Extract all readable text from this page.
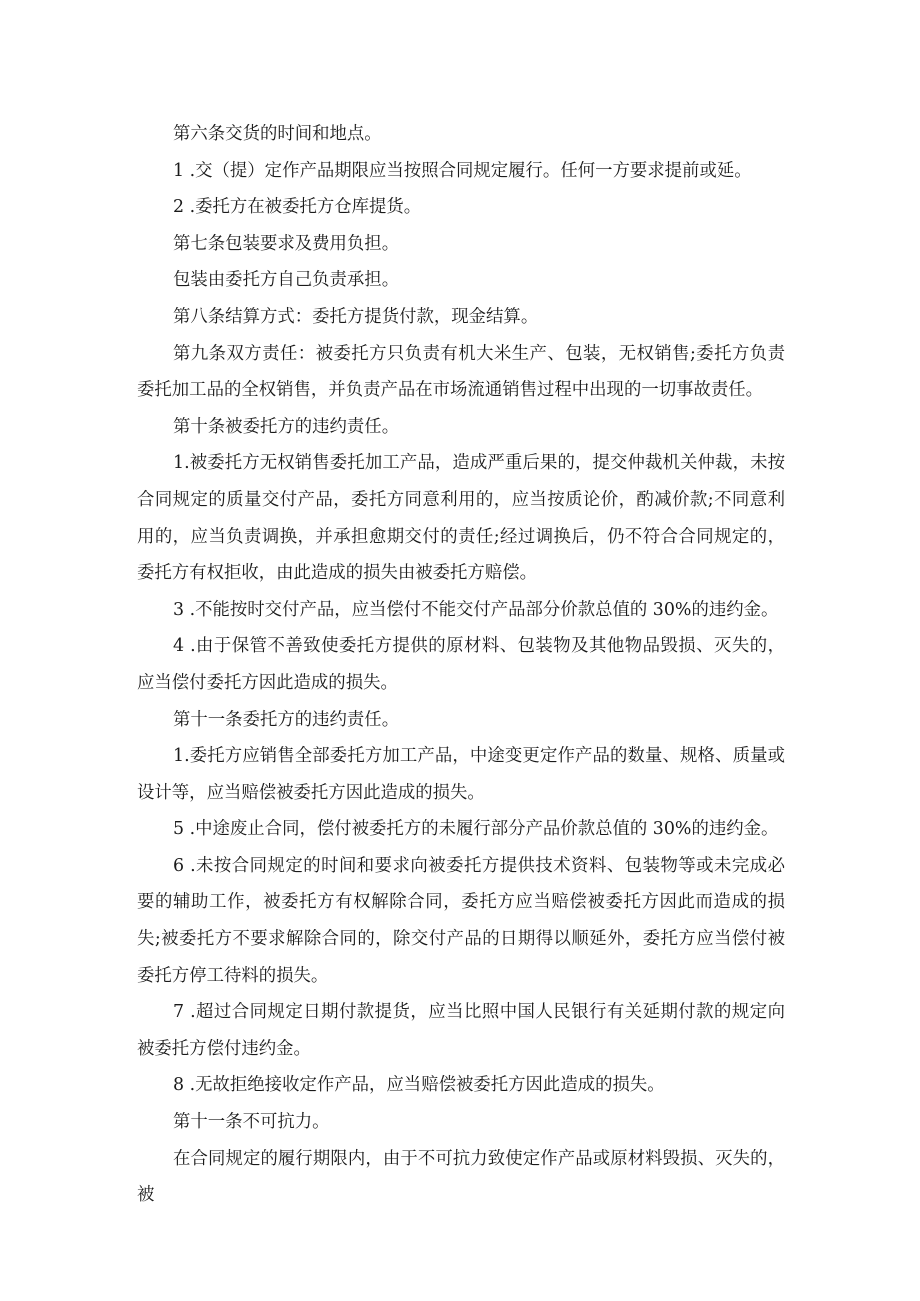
第六条交货的时间和地点。

1 .交（提）定作产品期限应当按照合同规定履行。任何一方要求提前或延。

2 .委托方在被委托方仓库提货。

第七条包装要求及费用负担。

包装由委托方自己负责承担。

第八条结算方式：委托方提货付款，现金结算。

第九条双方责任：被委托方只负责有机大米生产、包装，无权销售;委托方负责委托加工品的全权销售，并负责产品在市场流通销售过程中出现的一切事故责任。

第十条被委托方的违约责任。

1.被委托方无权销售委托加工产品，造成严重后果的，提交仲裁机关仲裁，未按合同规定的质量交付产品，委托方同意利用的，应当按质论价，酌减价款;不同意利用的，应当负责调换，并承担愈期交付的责任;经过调换后，仍不符合合同规定的，委托方有权拒收，由此造成的损失由被委托方赔偿。

3 .不能按时交付产品，应当偿付不能交付产品部分价款总值的 30%的违约金。

4 .由于保管不善致使委托方提供的原材料、包装物及其他物品毁损、灭失的，应当偿付委托方因此造成的损失。

第十一条委托方的违约责任。

1.委托方应销售全部委托方加工产品，中途变更定作产品的数量、规格、质量或设计等，应当赔偿被委托方因此造成的损失。

5 .中途废止合同，偿付被委托方的未履行部分产品价款总值的 30%的违约金。

6 .未按合同规定的时间和要求向被委托方提供技术资料、包装物等或未完成必要的辅助工作，被委托方有权解除合同，委托方应当赔偿被委托方因此而造成的损失;被委托方不要求解除合同的，除交付产品的日期得以顺延外，委托方应当偿付被委托方停工待料的损失。

7 .超过合同规定日期付款提货，应当比照中国人民银行有关延期付款的规定向被委托方偿付违约金。

8 .无故拒绝接收定作产品，应当赔偿被委托方因此造成的损失。

第十一条不可抗力。

在合同规定的履行期限内，由于不可抗力致使定作产品或原材料毁损、灭失的，被
